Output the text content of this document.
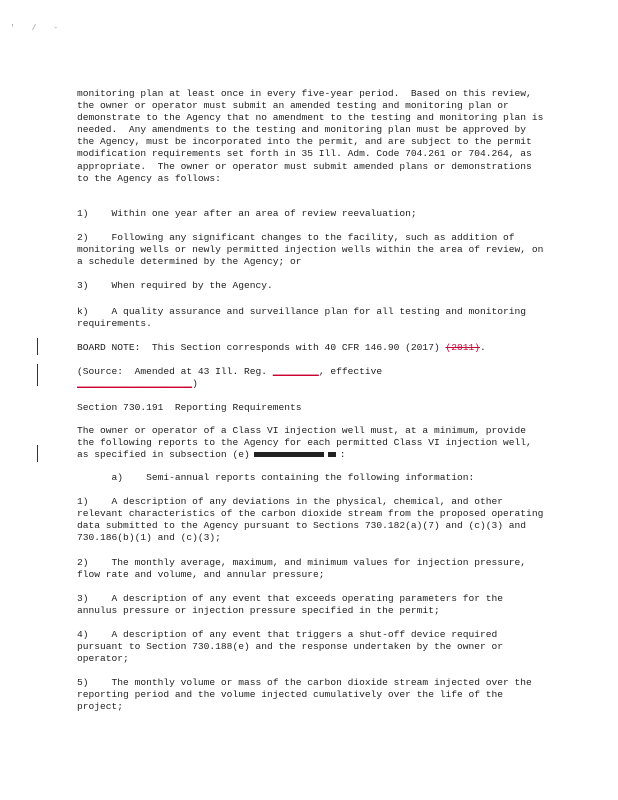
' / -

monitoring plan at least once in every five-year period.  Based on this review, the owner or operator must submit an amended testing and monitoring plan or demonstrate to the Agency that no amendment to the testing and monitoring plan is needed.  Any amendments to the testing and monitoring plan must be approved by the Agency, must be incorporated into the permit, and are subject to the permit modification requirements set forth in 35 Ill. Adm. Code 704.261 or 704.264, as appropriate.  The owner or operator must submit amended plans or demonstrations to the Agency as follows:

1)    Within one year after an area of review reevaluation;

2)    Following any significant changes to the facility, such as addition of monitoring wells or newly permitted injection wells within the area of review, on a schedule determined by the Agency; or

3)    When required by the Agency.

k)    A quality assurance and surveillance plan for all testing and monitoring requirements.

BOARD NOTE:  This Section corresponds with 40 CFR 146.90 (2017) (2011).

(Source:  Amended at 43 Ill. Reg. ________, effective
____________________)

Section 730.191  Reporting Requirements

The owner or operator of a Class VI injection well must, at a minimum, provide the following reports to the Agency for each permitted Class VI injection well, as specified in subsection (e)	:

a)    Semi-annual reports containing the following information:

1)    A description of any deviations in the physical, chemical, and other relevant characteristics of the carbon dioxide stream from the proposed operating data submitted to the Agency pursuant to Sections 730.182(a)(7) and (c)(3) and 730.186(b)(1) and (c)(3);

2)    The monthly average, maximum, and minimum values for injection pressure, flow rate and volume, and annular pressure;

3)    A description of any event that exceeds operating parameters for the annulus pressure or injection pressure specified in the permit;

4)    A description of any event that triggers a shut-off device required pursuant to Section 730.188(e) and the response undertaken by the owner or operator;

5)    The monthly volume or mass of the carbon dioxide stream injected over the reporting period and the volume injected cumulatively over the life of the project;
